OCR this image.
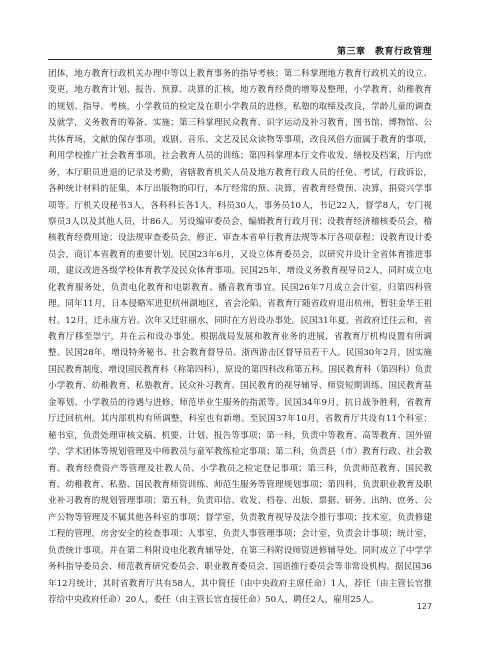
第三章　教育行政管理

团体，地方教育行政机关办理中等以上教育事务的指导考核；第二科掌理地方教育行政机关的设立、变更，地方教育计划、报告、预算、决算的汇核，地方教育经费的增筹及整理，小学教育、幼稚教育的规划、指导、考核，小学教员的检定及在职小学教员的进修，私塾的取缔及改良，学龄儿童的调查及就学，义务教育的筹备、实施；第三科掌理民众教育、识字运动及补习教育，图书馆、博物馆、公共体育场，文献的保存事项，戏剧、音乐、文艺及民众读物等事项，改良风俗方面属于教育的事项，利用学校推广社会教育事项，社会教育人员的训练；第四科掌理本厅文件收发、缮校及档案，厅内庶务，本厅职员进退的记录及考勤，省辖教育机关人员及地方教育行政人员的任免、考试，行政诉讼，各种统计材料的征集，本厅出版物的印行，本厅经常的预、决算，省教育经费预、决算，捐资兴学事项等。厅机关设秘书3人，各科科长各1人，科员30人，事务员10人，书记22人，督学8人，专门视察员3人以及其他人员，计86人。另设编审委员会，编辑教育行政月刊；设教育经济稽核委员会，稽核教育经费用途；设法规审查委员会，修正、审查本省单行教育法规等本厅各项章程；设教育设计委员会，商订本省教育的重要计划。民国23年6月，又设立体育委员会，以研究并设计全省体育推进事项，建议改进各级学校体育教学及民众体育事项。民国25年，增设义务教育视导员2人，同时成立电化教育服务处，负责电化教育和电影教育、播音教育事宜。民国26年7月成立会计室，归第四科管理。同年11月，日本侵略军进犯杭州湖地区，省会沦陷，省教育厅随省政府退出杭州，暂驻金华王祖村。12月，迁永康方岩。次年又迁驻丽水，同时在方岩设办事处。民国31年夏，省政府迁往云和，省教育厅移至崇宁，并在云和设办事处。根据战局发展和教育业务的进展，省教育厅机构设置有所调整。民国28年，增设特务秘书、社会教育督导员、浙西游击区督导员若干人。民国30年2月，因实施国民教育制度，增设国民教育科（称第四科），原设的第四科改称第五科。国民教育科（第四科）负责小学教育、幼稚教育、私塾教育、民众补习教育、国民教育的视导辅导、师资短期训练、国民教育基金筹划、小学教员的待遇与进修、师范毕业生服务的指派等。民国34年9月，抗日战争胜利，省教育厅迁回杭州。其内部机构有所调整，科室也有新增。至民国37年10月，省教育厅共设有11个科室：秘书室，负责处理审核文稿、机要、计划、报告等事项；第一科，负责中等教育、高等教育、国外留学、学术团体等规划管理及中师教员与童军教练检定事项；第二科，负责县（市）教育行政、社会教育、教育经费资产等管理及社教人员、小学教员之检定登记事项；第三科，负责师范教育、国民教育、幼稚教育、私塾、国民教育师资训练、师范生服务等管理规划事项；第四科，负责职业教育及职业补习教育的规划管理事项；第五科，负责印信、收发、档卷、出版、票据、研务、出纳、庶务、公产公物等管理及不属其他各科室的事项；督学室，负责教育视导及法令推行事项；技术室，负责修建工程的管理，房舍安全的检查事项；人事室，负责人事管理事项；会计室，负责会计事项；统计室，负责统计事项。并在第二科附设电化教育辅导处，在第三科附设师资进修辅导处。同时成立了中学学务科指导委员会、师范教育研究委员会、职业教育委员会、国语推行委员会等非常设机构。据民国36年12月统计，其时省教育厅共有58人，其中简任（由中央政府主席任命）1人，荐任（由主管长官推荐给中央政府任命）20人，委任（由主管长官直接任命）50人，聘任2人，雇用25人。

127
